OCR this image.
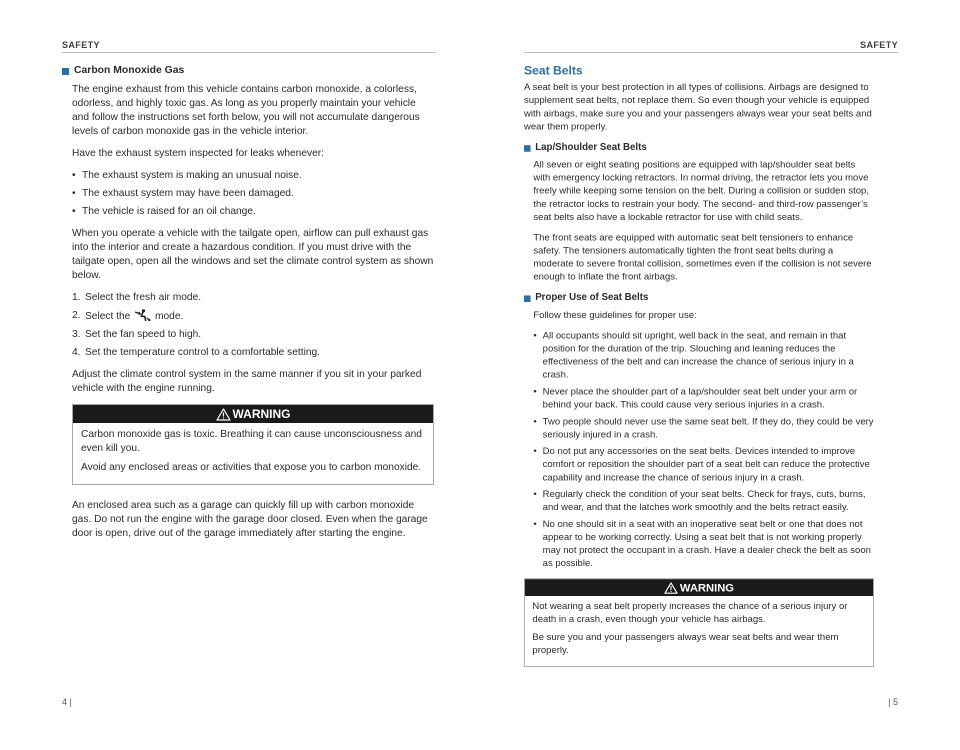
SAFETY
Carbon Monoxide Gas

The engine exhaust from this vehicle contains carbon monoxide, a colorless, odorless, and highly toxic gas. As long as you properly maintain your vehicle and follow the instructions set forth below, you will not accumulate dangerous levels of carbon monoxide gas in the vehicle interior.

Have the exhaust system inspected for leaks whenever:

• The exhaust system is making an unusual noise.
• The exhaust system may have been damaged.
• The vehicle is raised for an oil change.

When you operate a vehicle with the tailgate open, airflow can pull exhaust gas into the interior and create a hazardous condition. If you must drive with the tailgate open, open all the windows and set the climate control system as shown below.

1. Select the fresh air mode.
2. Select the mode.
3. Set the fan speed to high.
4. Set the temperature control to a comfortable setting.

Adjust the climate control system in the same manner if you sit in your parked vehicle with the engine running.

WARNING

Carbon monoxide gas is toxic. Breathing it can cause unconsciousness and even kill you.

Avoid any enclosed areas or activities that expose you to carbon monoxide.

An enclosed area such as a garage can quickly fill up with carbon monoxide gas. Do not run the engine with the garage door closed. Even when the garage door is open, drive out of the garage immediately after starting the engine.

4 |
SAFETY
Seat Belts

A seat belt is your best protection in all types of collisions. Airbags are designed to supplement seat belts, not replace them. So even though your vehicle is equipped with airbags, make sure you and your passengers always wear your seat belts and wear them properly.

Lap/Shoulder Seat Belts

All seven or eight seating positions are equipped with lap/shoulder seat belts with emergency locking retractors. In normal driving, the retractor lets you move freely while keeping some tension on the belt. During a collision or sudden stop, the retractor locks to restrain your body. The second- and third-row passenger’s seat belts also have a lockable retractor for use with child seats.

The front seats are equipped with automatic seat belt tensioners to enhance safety. The tensioners automatically tighten the front seat belts during a moderate to severe frontal collision, sometimes even if the collision is not severe enough to inflate the front airbags.

Proper Use of Seat Belts

Follow these guidelines for proper use:

• All occupants should sit upright, well back in the seat, and remain in that position for the duration of the trip. Slouching and leaning reduces the effectiveness of the belt and can increase the chance of serious injury in a crash.
• Never place the shoulder part of a lap/shoulder seat belt under your arm or behind your back. This could cause very serious injuries in a crash.
• Two people should never use the same seat belt. If they do, they could be very seriously injured in a crash.
• Do not put any accessories on the seat belts. Devices intended to improve comfort or reposition the shoulder part of a seat belt can reduce the protective capability and increase the chance of serious injury in a crash.
• Regularly check the condition of your seat belts. Check for frays, cuts, burns, and wear, and that the latches work smoothly and the belts retract easily.
• No one should sit in a seat with an inoperative seat belt or one that does not appear to be working correctly. Using a seat belt that is not working properly may not protect the occupant in a crash. Have a dealer check the belt as soon as possible.
WARNING

Not wearing a seat belt properly increases the chance of a serious injury or death in a crash, even though your vehicle has airbags.

Be sure you and your passengers always wear seat belts and wear them properly.

| 5
